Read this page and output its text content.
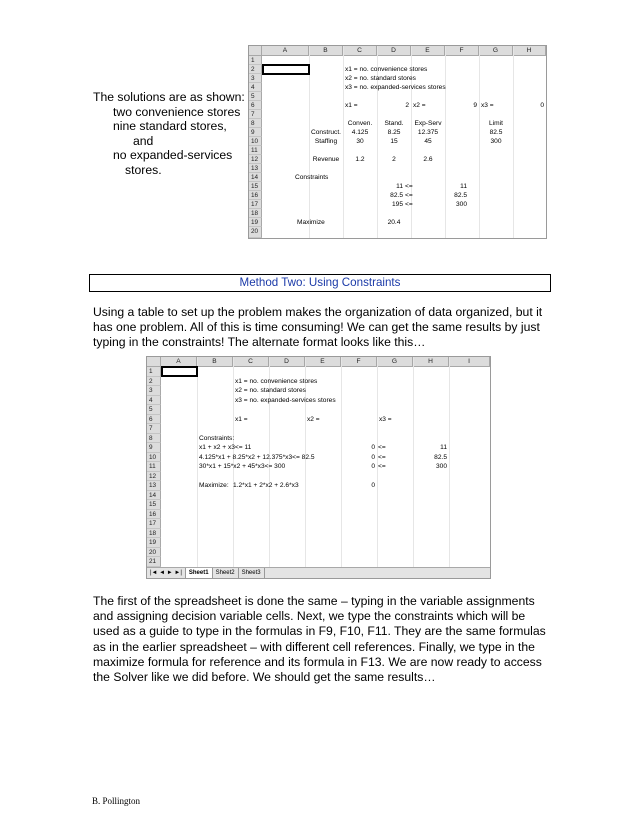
The solutions are as shown:
two convenience stores
nine standard stores,
and
no expanded-services
stores.
A	B	C	D	E	F	G	H
1
2
3
4
5
6
7
8
9
10
11
12
13
14
15
16
17
18
19
20
x1 = no. convenience stores
x2 = no. standard stores
x3 = no. expanded-services stores
x1 =	2 x2 =	9 x3 =	0
Conven.	Stand.	Exp-Serv	Limit
Construct.	4.125	8.25	12.375	82.5
Staffing	30	15	45	300
Revenue	1.2	2	2.6
Constraints
11 <=	11
82.5 <=	82.5
195 <=	300
Maximize	20.4
Method Two: Using Constraints
Using a table to set up the problem makes the organization of data organized, but it has one problem. All of this is time consuming! We can get the same results by just typing in the constraints! The alternate format looks like this…
A	B	C	D	E	F	G	H	I
1
2
3
4
5
6
7
8
9
10
11
12
13
14
15
16
17
18
19
20
21
x1 = no. convenience stores
x2 = no. standard stores
x3 = no. expanded-services stores
x1 =	x2 =	x3 =
Constraints:
x1 + x2 + x3<= 11	0 <=	11
4.125*x1 + 8.25*x2 + 12.375*x3<= 82.5	0 <=	82.5
30*x1 + 15*x2 + 45*x3<= 300	0 <=	300
Maximize: 1.2*x1 + 2*x2 + 2.6*x3	0
|◄ ◄ ► ►| Sheet1 Sheet2 Sheet3
The first of the spreadsheet is done the same – typing in the variable assignments and assigning decision variable cells. Next, we type the constraints which will be used as a guide to type in the formulas in F9, F10, F11. They are the same formulas as in the earlier spreadsheet – with different cell references. Finally, we type in the maximize formula for reference and its formula in F13. We are now ready to access the Solver like we did before. We should get the same results…
B. Pollington
